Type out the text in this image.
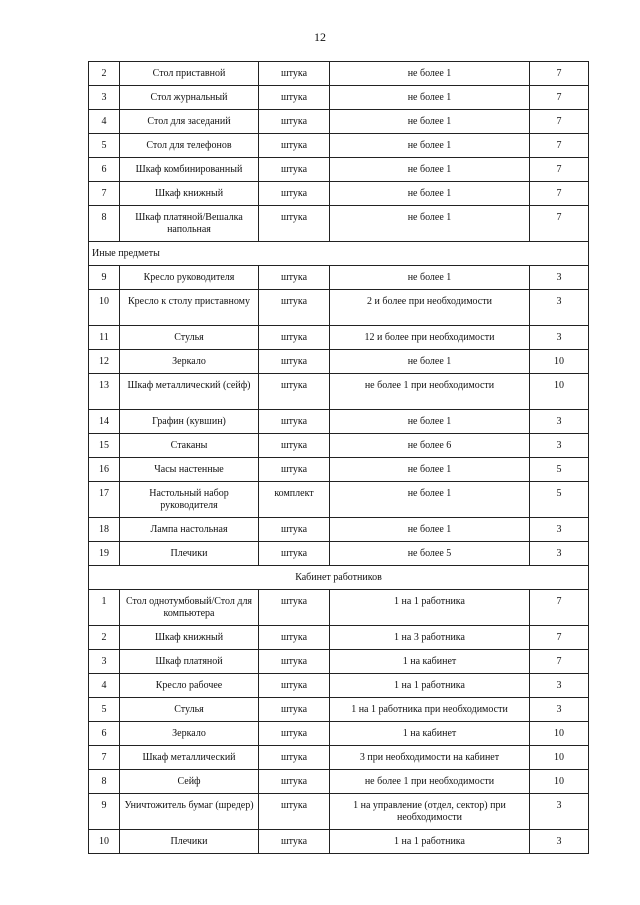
12
2	Стол приставной	штука	не более 1	7
3	Стол журнальный	штука	не более 1	7
4	Стол для заседаний	штука	не более 1	7
5	Стол для телефонов	штука	не более 1	7
6	Шкаф комбинированный	штука	не более 1	7
7	Шкаф книжный	штука	не более 1	7
8	Шкаф платяной/Вешалка напольная	штука	не более 1	7
Иные предметы				
9	Кресло руководителя	штука	не более 1	3
10	Кресло к столу приставному	штука	2 и более при необходимости	3
11	Стулья	штука	12 и более при необходимости	3
12	Зеркало	штука	не более 1	10
13	Шкаф металлический (сейф)	штука	не более 1 при необходимости	10
14	Графин (кувшин)	штука	не более 1	3
15	Стаканы	штука	не более 6	3
16	Часы настенные	штука	не более 1	5
17	Настольный набор руководителя	комплект	не более 1	5
18	Лампа настольная	штука	не более 1	3
19	Плечики	штука	не более 5	3
Кабинет работников				
1	Стол однотумбовый/Стол для компьютера	штука	1 на 1 работника	7
2	Шкаф книжный	штука	1 на 3 работника	7
3	Шкаф платяной	штука	1 на кабинет	7
4	Кресло рабочее	штука	1 на 1 работника	3
5	Стулья	штука	1 на 1 работника при необходимости	3
6	Зеркало	штука	1 на кабинет	10
7	Шкаф металлический	штука	3 при необходимости на кабинет	10
8	Сейф	штука	не более 1 при необходимости	10
9	Уничтожитель бумаг (шредер)	штука	1 на управление (отдел, сектор) при необходимости	3
10	Плечики	штука	1 на 1 работника	3
